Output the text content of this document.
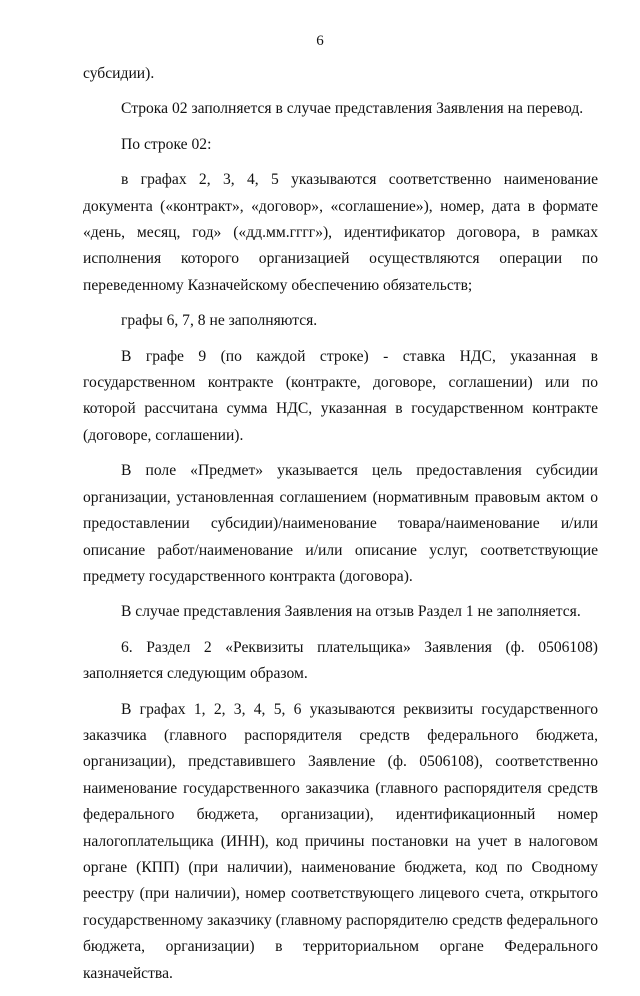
6

субсидии).

Строка 02 заполняется в случае представления Заявления на перевод.

По строке 02:

в графах 2, 3, 4, 5 указываются соответственно наименование документа («контракт», «договор», «соглашение»), номер, дата в формате «день, месяц, год» («дд.мм.гггг»), идентификатор договора, в рамках исполнения которого организацией осуществляются операции по переведенному Казначейскому обеспечению обязательств;

графы 6, 7, 8 не заполняются.

В графе 9 (по каждой строке) - ставка НДС, указанная в государственном контракте (контракте, договоре, соглашении) или по которой рассчитана сумма НДС, указанная в государственном контракте (договоре, соглашении).

В поле «Предмет» указывается цель предоставления субсидии организации, установленная соглашением (нормативным правовым актом о предоставлении субсидии)/наименование товара/наименование и/или описание работ/наименование и/или описание услуг, соответствующие предмету государственного контракта (договора).

В случае представления Заявления на отзыв Раздел 1 не заполняется.

6. Раздел 2 «Реквизиты плательщика» Заявления (ф. 0506108) заполняется следующим образом.

В графах 1, 2, 3, 4, 5, 6 указываются реквизиты государственного заказчика (главного распорядителя средств федерального бюджета, организации), представившего Заявление (ф. 0506108), соответственно наименование государственного заказчика (главного распорядителя средств федерального бюджета, организации), идентификационный номер налогоплательщика (ИНН), код причины постановки на учет в налоговом органе (КПП) (при наличии), наименование бюджета, код по Сводному реестру (при наличии), номер соответствующего лицевого счета, открытого государственному заказчику (главному распорядителю средств федерального бюджета, организации) в территориальном органе Федерального казначейства.
